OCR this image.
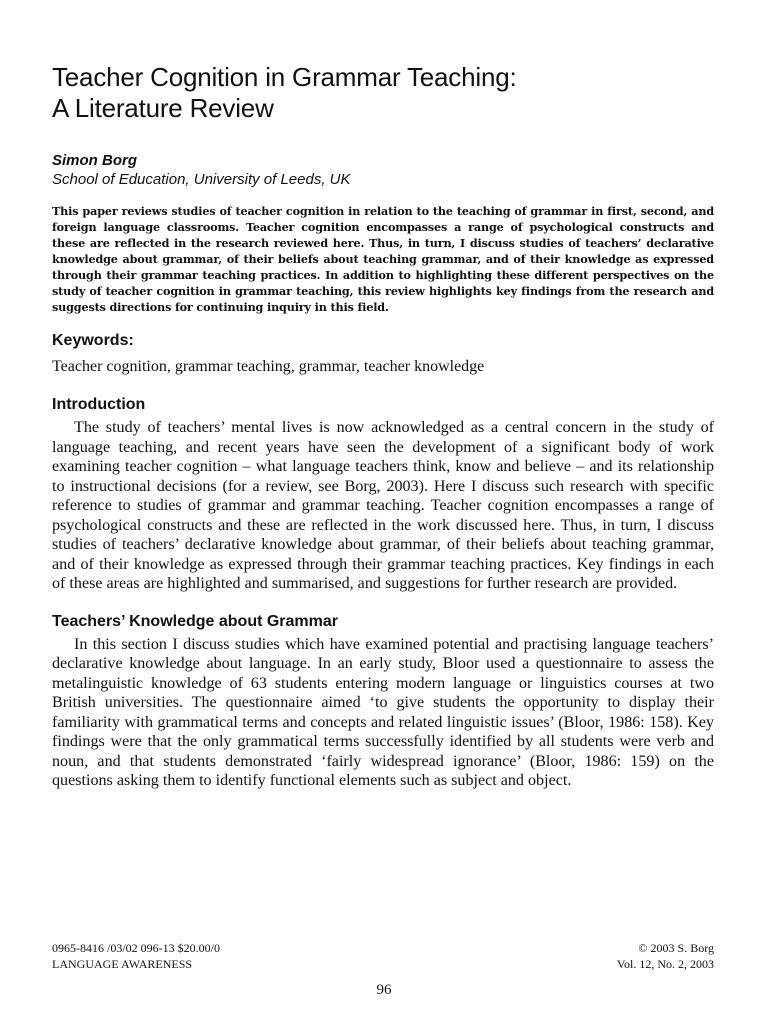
Teacher Cognition in Grammar Teaching:
A Literature Review
Simon Borg
School of Education, University of Leeds, UK

This paper reviews studies of teacher cognition in relation to the teaching of grammar in first, second, and foreign language classrooms. Teacher cognition encompasses a range of psychological constructs and these are reflected in the research reviewed here. Thus, in turn, I discuss studies of teachers’ declarative knowledge about grammar, of their beliefs about teaching grammar, and of their knowledge as expressed through their grammar teaching practices. In addition to highlighting these different perspectives on the study of teacher cognition in grammar teaching, this review highlights key findings from the research and suggests directions for continuing inquiry in this field.

Keywords:
Teacher cognition, grammar teaching, grammar, teacher knowledge
Introduction

The study of teachers’ mental lives is now acknowledged as a central concern in the study of language teaching, and recent years have seen the development of a significant body of work examining teacher cognition – what language teachers think, know and believe – and its relationship to instructional decisions (for a review, see Borg, 2003). Here I discuss such research with specific reference to studies of grammar and grammar teaching. Teacher cognition encompasses a range of psychological constructs and these are reflected in the work discussed here. Thus, in turn, I discuss studies of teachers’ declarative knowledge about grammar, of their beliefs about teaching grammar, and of their knowledge as expressed through their grammar teaching practices. Key findings in each of these areas are highlighted and summarised, and suggestions for further research are provided.

Teachers’ Knowledge about Grammar

In this section I discuss studies which have examined potential and practising language teachers’ declarative knowledge about language. In an early study, Bloor used a questionnaire to assess the metalinguistic knowledge of 63 students entering modern language or linguistics courses at two British universities. The questionnaire aimed ‘to give students the opportunity to display their familiarity with grammatical terms and concepts and related linguistic issues’ (Bloor, 1986: 158). Key findings were that the only grammatical terms successfully identified by all students were verb and noun, and that students demonstrated ‘fairly widespread ignorance’ (Bloor, 1986: 159) on the questions asking them to identify functional elements such as subject and object.

0965-8416 /03/02 096-13 $20.00/0	© 2003 S. Borg
LANGUAGE AWARENESS	Vol. 12, No. 2, 2003
96
